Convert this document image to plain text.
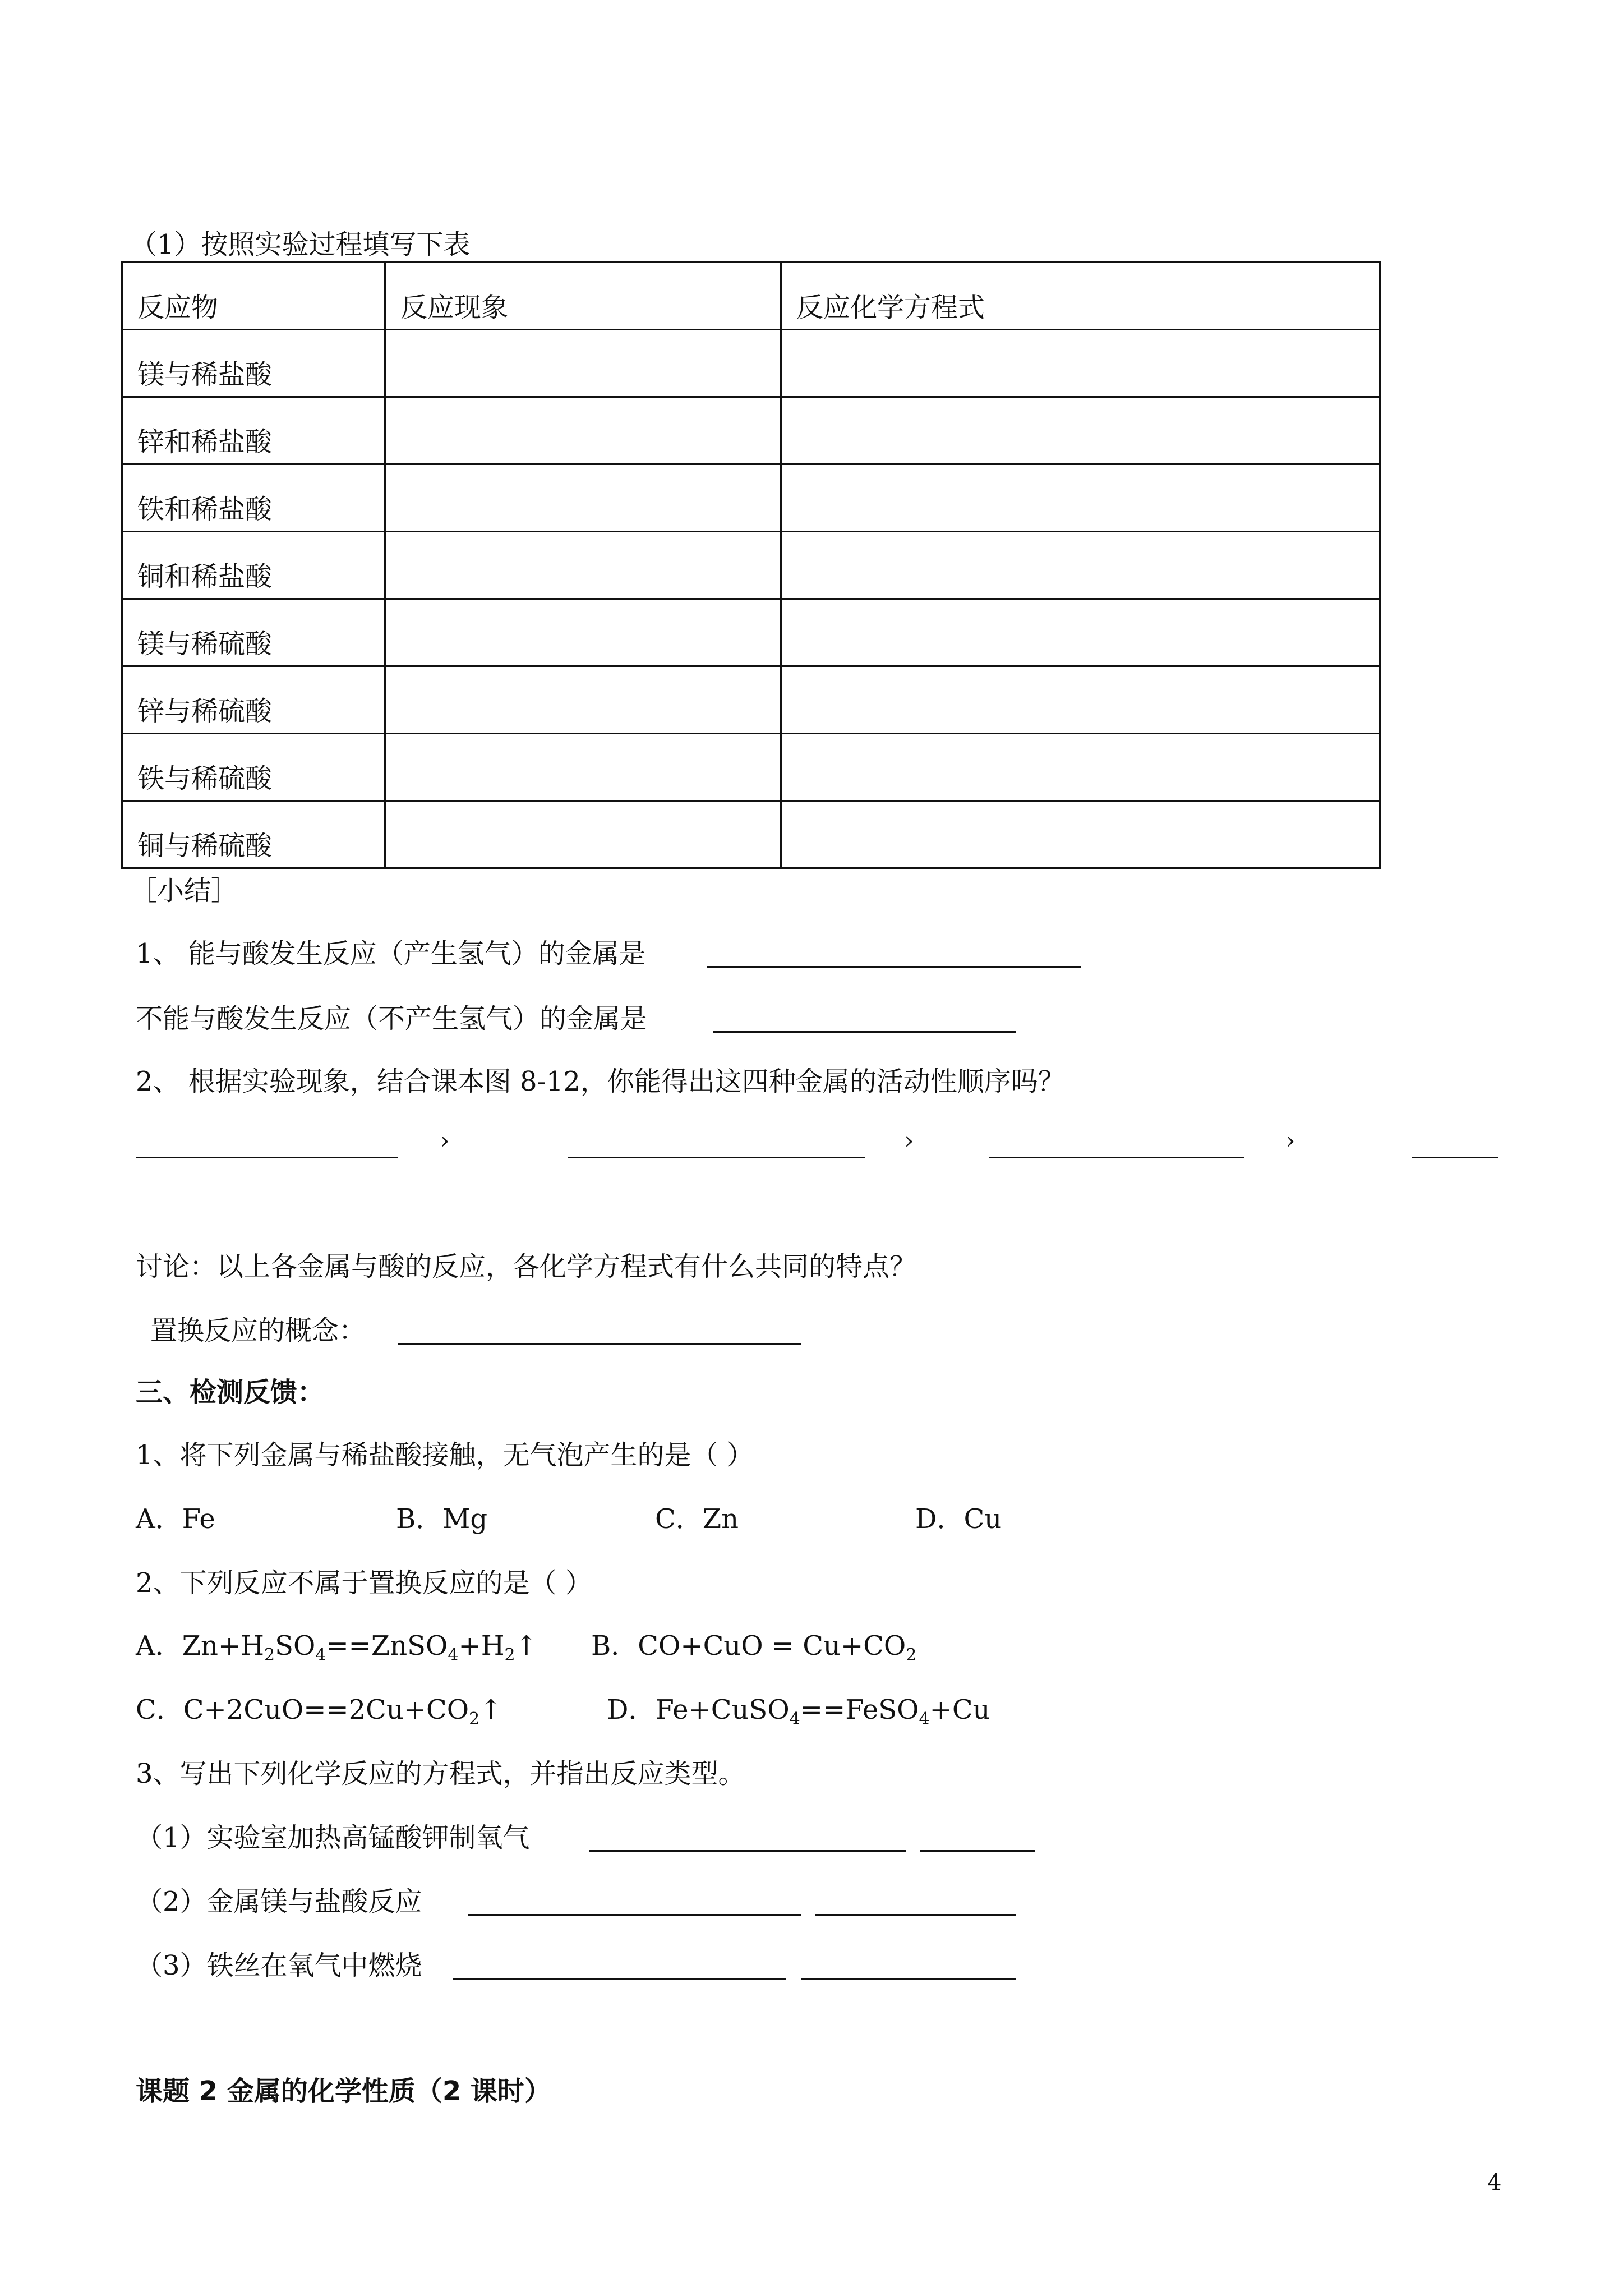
（1）按照实验过程填写下表
反应物	反应现象	反应化学方程式
镁与稀盐酸		
锌和稀盐酸		
铁和稀盐酸		
铜和稀盐酸		
镁与稀硫酸		
锌与稀硫酸		
铁与稀硫酸		
铜与稀硫酸		
［小结］
1、 能与酸发生反应（产生氢气）的金属是
不能与酸发生反应（不产生氢气）的金属是
2、 根据实验现象，结合课本图 8-12，你能得出这四种金属的活动性顺序吗？
›	›	›
讨论：以上各金属与酸的反应，各化学方程式有什么共同的特点？
置换反应的概念：
三、检测反馈：
1、将下列金属与稀盐酸接触，无气泡产生的是（ ）
A．Fe	B．Mg	C．Zn	D．Cu
2、下列反应不属于置换反应的是（ ）
A．$Zn+H_2SO_4==ZnSO_4+H_2↑$ B．$CO+CuO = Cu+CO_2$
C．$C+2CuO==2Cu+CO_2↑$	D．Fe+CuSO$_4$==FeSO$_4$+Cu
3、写出下列化学反应的方程式，并指出反应类型。
（1）实验室加热高锰酸钾制氧气
（2）金属镁与盐酸反应
（3）铁丝在氧气中燃烧
课题 2 金属的化学性质（2 课时）
4
